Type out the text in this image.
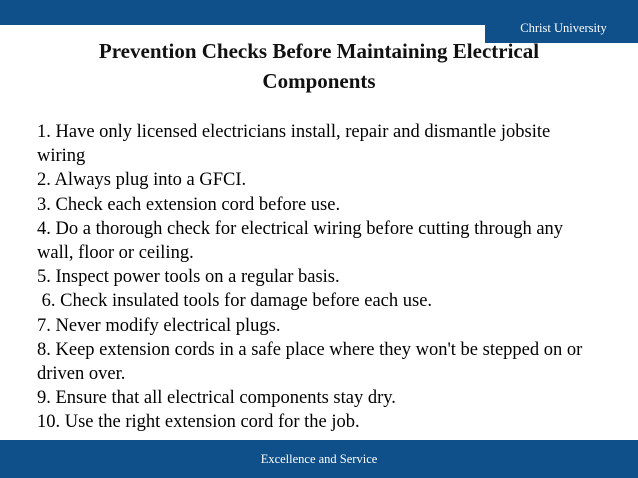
Christ University
Prevention Checks Before Maintaining Electrical Components
1. Have only licensed electricians install, repair and dismantle jobsite wiring
2. Always plug into a GFCI.
3. Check each extension cord before use.
4. Do a thorough check for electrical wiring before cutting through any wall, floor or ceiling.
5. Inspect power tools on a regular basis.
6. Check insulated tools for damage before each use.
7. Never modify electrical plugs.
8. Keep extension cords in a safe place where they won't be stepped on or driven over.
9. Ensure that all electrical components stay dry.
10. Use the right extension cord for the job.
Excellence and Service
